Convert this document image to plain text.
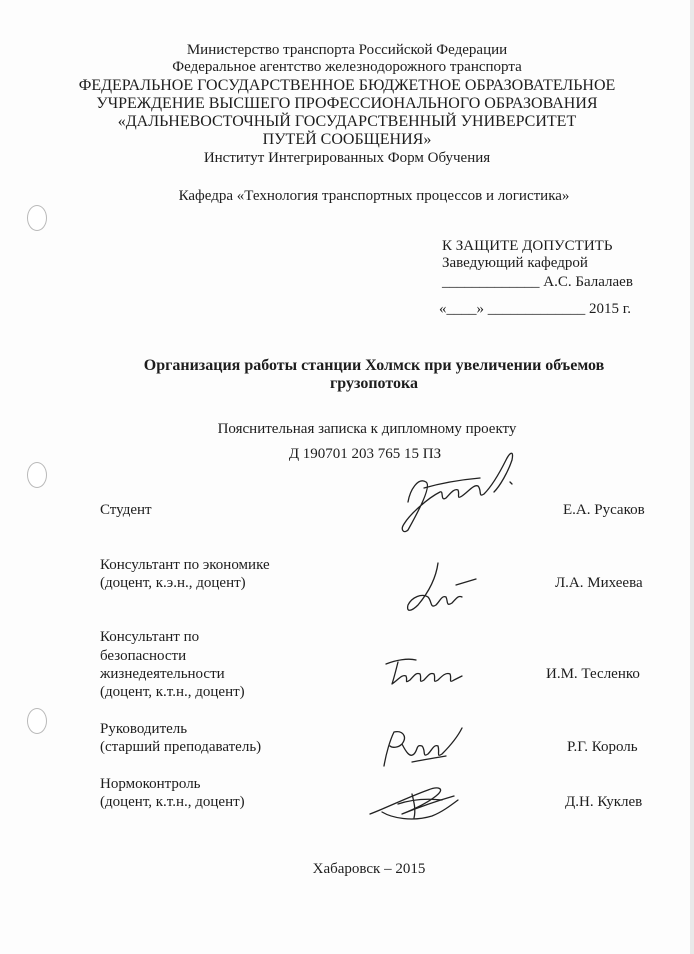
Министерство транспорта Российской Федерации
Федеральное агентство железнодорожного транспорта
ФЕДЕРАЛЬНОЕ ГОСУДАРСТВЕННОЕ БЮДЖЕТНОЕ ОБРАЗОВАТЕЛЬНОЕ
УЧРЕЖДЕНИЕ ВЫСШЕГО ПРОФЕССИОНАЛЬНОГО ОБРАЗОВАНИЯ
«ДАЛЬНЕВОСТОЧНЫЙ ГОСУДАРСТВЕННЫЙ УНИВЕРСИТЕТ
ПУТЕЙ СООБЩЕНИЯ»
Институт Интегрированных Форм Обучения
Кафедра «Технология транспортных процессов и логистика»
К ЗАЩИТЕ ДОПУСТИТЬ
Заведующий кафедрой
_____________ А.С. Балалаев
«____» _____________ 2015 г.
Организация работы станции Холмск при увеличении объемов
грузопотока
Пояснительная записка к дипломному проекту
Д 190701 203 765 15 ПЗ
Студент	Е.А. Русаков
Консультант по экономике
(доцент, к.э.н., доцент)	Л.А. Михеева
Консультант по
безопасности
жизнедеятельности
(доцент, к.т.н., доцент)
И.М. Тесленко
Руководитель
(старший преподаватель)	Р.Г. Король
Нормоконтроль
(доцент, к.т.н., доцент)	Д.Н. Куклев
Хабаровск – 2015
